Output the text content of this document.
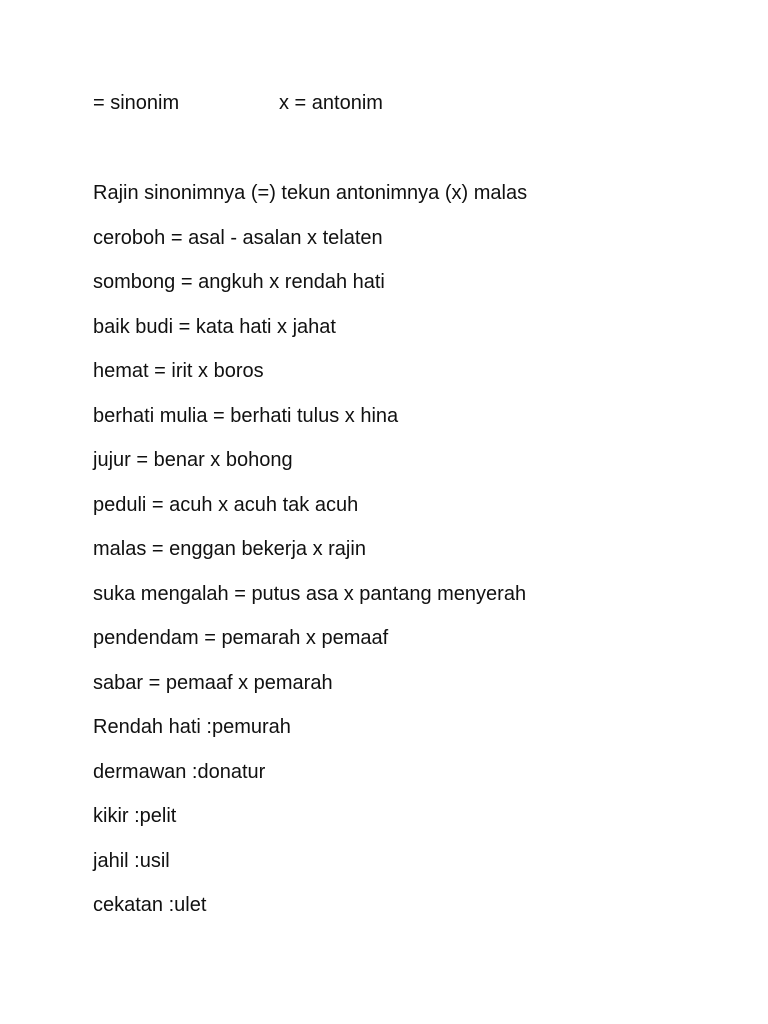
= sinonim	x = antonim
Rajin sinonimnya (=) tekun antonimnya (x) malas
ceroboh = asal - asalan x telaten
sombong = angkuh x rendah hati
baik budi = kata hati x jahat
hemat = irit x boros
berhati mulia = berhati tulus x hina
jujur = benar x bohong
peduli = acuh x acuh tak acuh
malas = enggan bekerja x rajin
suka mengalah = putus asa x pantang menyerah
pendendam = pemarah x pemaaf
sabar = pemaaf x pemarah
Rendah hati :pemurah
dermawan :donatur
kikir :pelit
jahil :usil
cekatan :ulet
